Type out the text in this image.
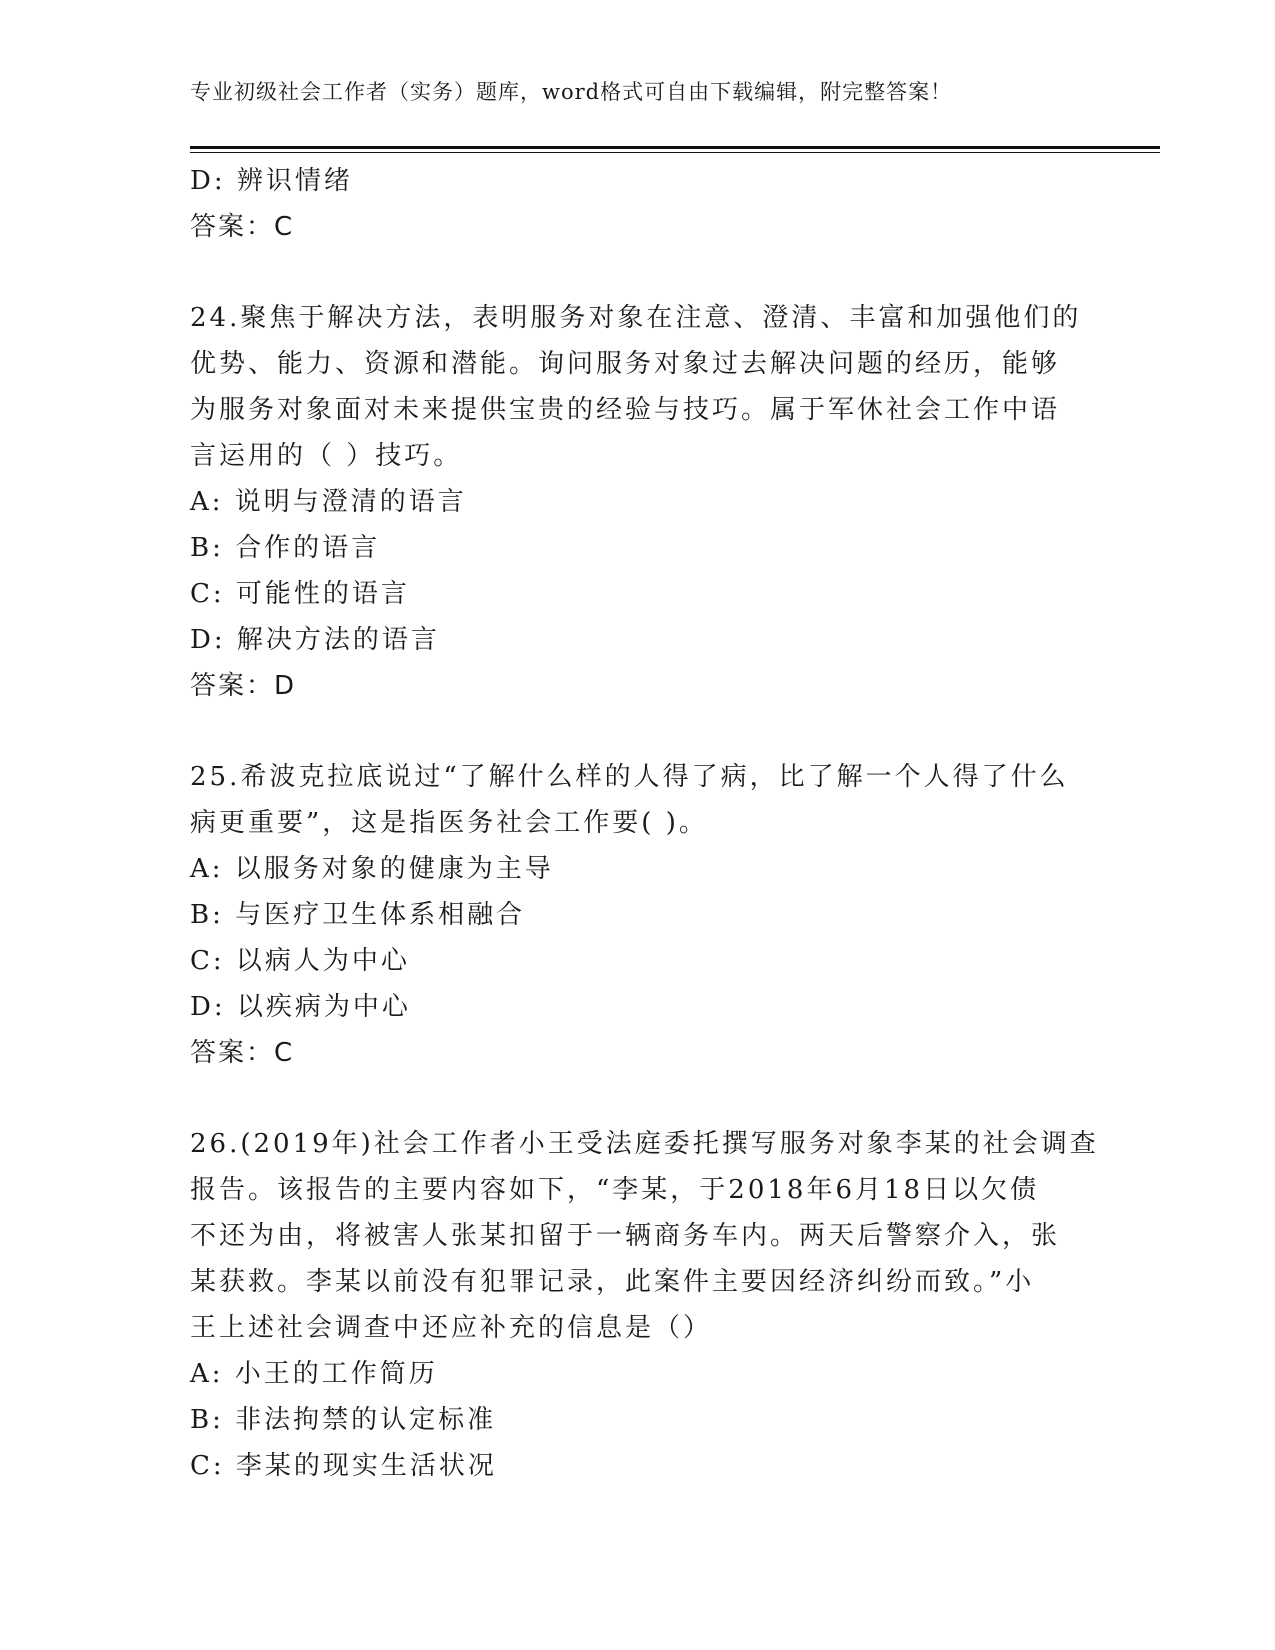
专业初级社会工作者（实务）题库，word格式可自由下载编辑，附完整答案！
D: 辨识情绪
答案：C
24.聚焦于解决方法，表明服务对象在注意、澄清、丰富和加强他们的
优势、能力、资源和潜能。询问服务对象过去解决问题的经历，能够
为服务对象面对未来提供宝贵的经验与技巧。属于军休社会工作中语
言运用的（ ）技巧。
A: 说明与澄清的语言
B: 合作的语言
C: 可能性的语言
D: 解决方法的语言
答案：D
25.希波克拉底说过“了解什么样的人得了病，比了解一个人得了什么
病更重要”，这是指医务社会工作要( )。
A: 以服务对象的健康为主导
B: 与医疗卫生体系相融合
C: 以病人为中心
D: 以疾病为中心
答案：C
26.(2019年)社会工作者小王受法庭委托撰写服务对象李某的社会调查
报告。该报告的主要内容如下，“李某，于2018年6月18日以欠债
不还为由，将被害人张某扣留于一辆商务车内。两天后警察介入，张
某获救。李某以前没有犯罪记录，此案件主要因经济纠纷而致。”小
王上述社会调查中还应补充的信息是（）
A: 小王的工作简历
B: 非法拘禁的认定标准
C: 李某的现实生活状况
